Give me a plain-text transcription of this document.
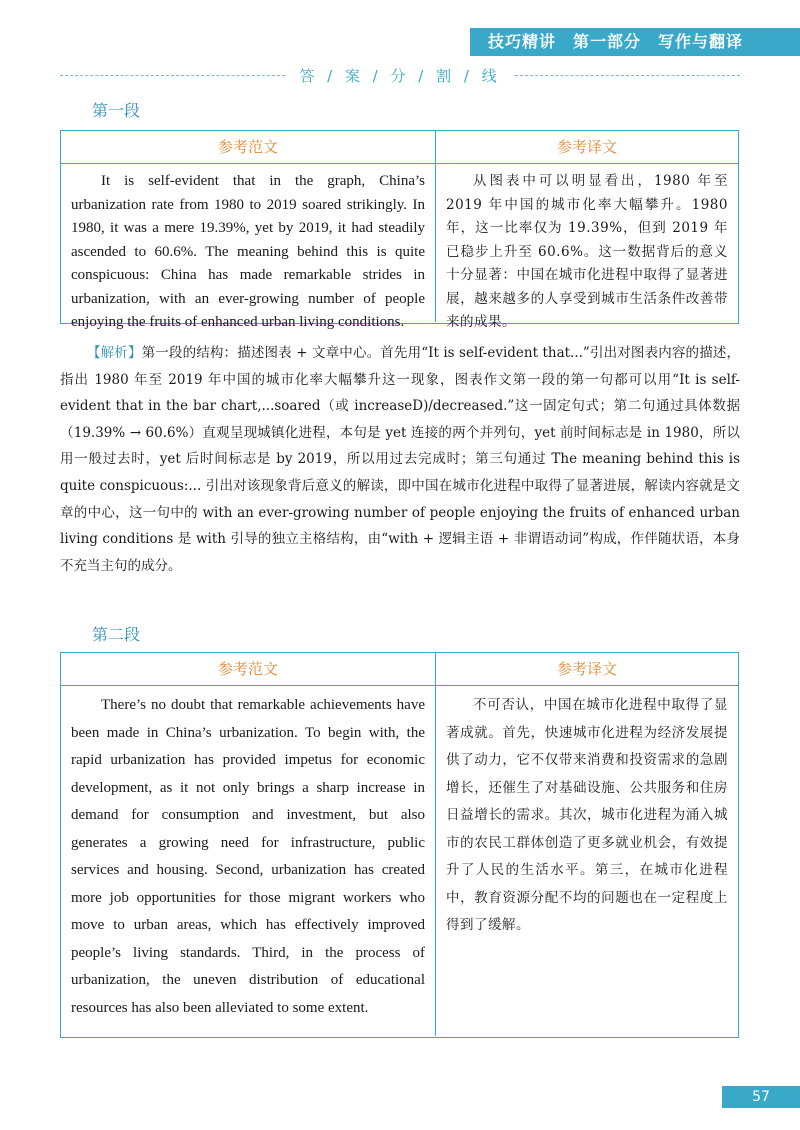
技巧精讲　第一部分　写作与翻译
答 / 案 / 分 / 割 / 线
第一段
参考范文	参考译文

It is self-evident that in the graph, China’s urbanization rate from 1980 to 2019 soared strikingly. In 1980, it was a mere 19.39%, yet by 2019, it had steadily ascended to 60.6%. The meaning behind this is quite conspicuous: China has made remarkable strides in urbanization, with an ever-growing number of people enjoying the fruits of enhanced urban living conditions.

从图表中可以明显看出，1980 年至 2019 年中国的城市化率大幅攀升。1980 年，这一比率仅为 19.39%，但到 2019 年已稳步上升至 60.6%。这一数据背后的意义十分显著：中国在城市化进程中取得了显著进展，越来越多的人享受到城市生活条件改善带来的成果。

【解析】第一段的结构：描述图表 + 文章中心。首先用“It is self-evident that...”引出对图表内容的描述，指出 1980 年至 2019 年中国的城市化率大幅攀升这一现象，图表作文第一段的第一句都可以用“It is self-evident that in the bar chart,...soared（或 increaseD)/decreased.”这一固定句式；第二句通过具体数据（19.39% → 60.6%）直观呈现城镇化进程，本句是 yet 连接的两个并列句，yet 前时间标志是 in 1980，所以用一般过去时，yet 后时间标志是 by 2019，所以用过去完成时；第三句通过 The meaning behind this is quite conspicuous:... 引出对该现象背后意义的解读，即中国在城市化进程中取得了显著进展，解读内容就是文章的中心，这一句中的 with an ever-growing number of people enjoying the fruits of enhanced urban living conditions 是 with 引导的独立主格结构，由“with + 逻辑主语 + 非谓语动词”构成，作伴随状语，本身不充当主句的成分。

第二段
参考范文	参考译文

There’s no doubt that remarkable achievements have been made in China’s urbanization. To begin with, the rapid urbanization has provided impetus for economic development, as it not only brings a sharp increase in demand for consumption and investment, but also generates a growing need for infrastructure, public services and housing. Second, urbanization has created more job opportunities for those migrant workers who move to urban areas, which has effectively improved people’s living standards. Third, in the process of urbanization, the uneven distribution of educational resources has also been alleviated to some extent.

不可否认，中国在城市化进程中取得了显著成就。首先，快速城市化进程为经济发展提供了动力，它不仅带来消费和投资需求的急剧增长，还催生了对基础设施、公共服务和住房日益增长的需求。其次，城市化进程为涌入城市的农民工群体创造了更多就业机会，有效提升了人民的生活水平。第三，在城市化进程中，教育资源分配不均的问题也在一定程度上得到了缓解。

57
